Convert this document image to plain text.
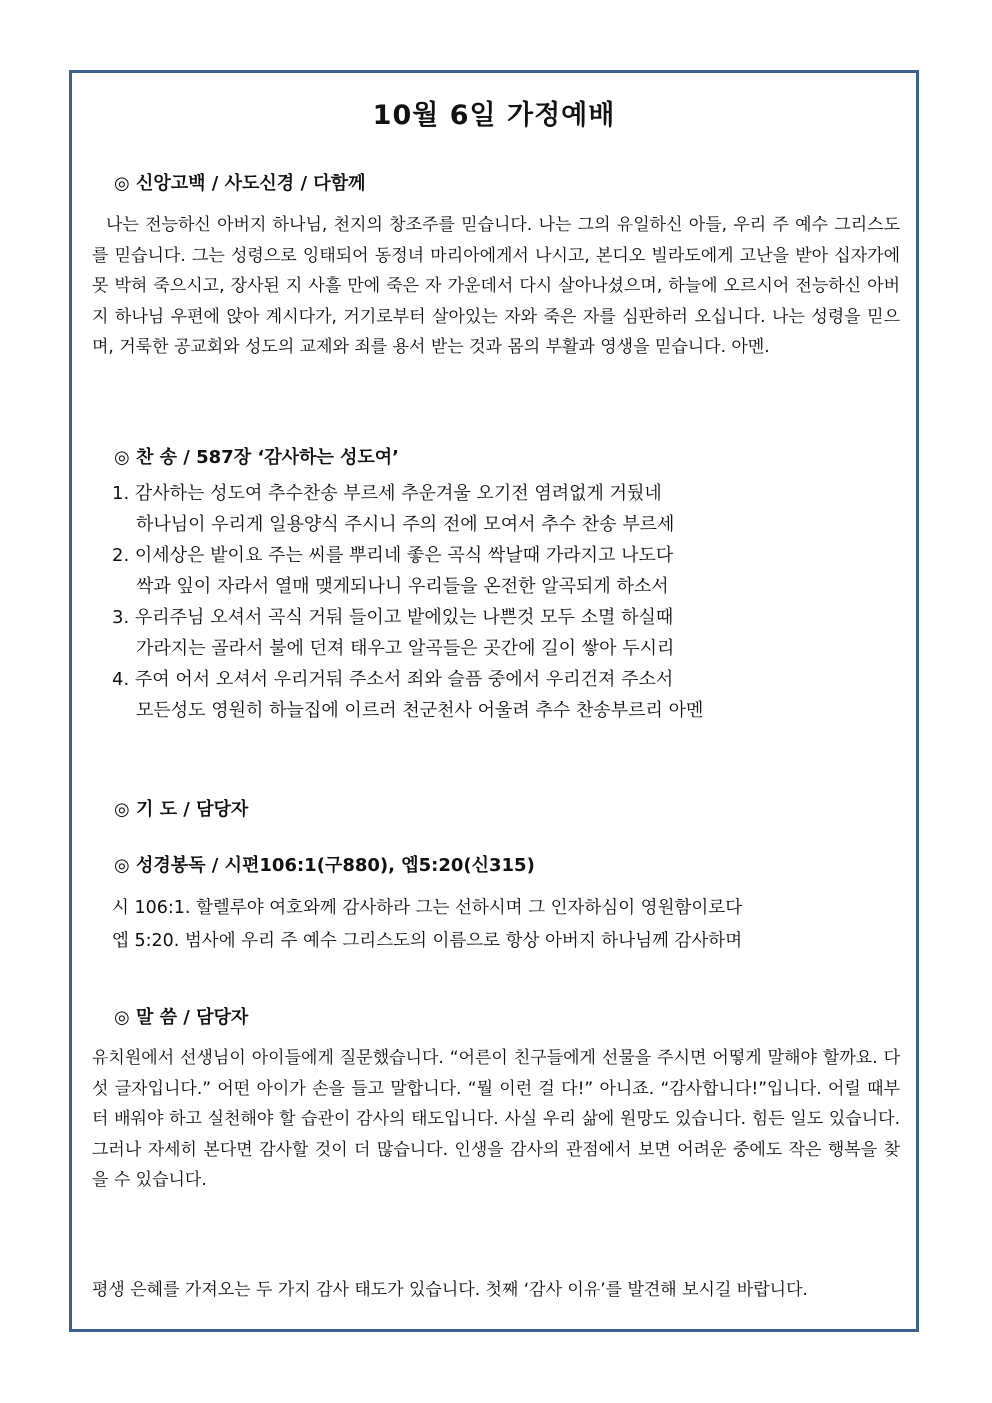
10월 6일 가정예배
◎ 신앙고백 / 사도신경 / 다함께

나는 전능하신 아버지 하나님, 천지의 창조주를 믿습니다. 나는 그의 유일하신 아들, 우리 주 예수 그리스도를 믿습니다. 그는 성령으로 잉태되어 동정녀 마리아에게서 나시고, 본디오 빌라도에게 고난을 받아 십자가에 못 박혀 죽으시고, 장사된 지 사흘 만에 죽은 자 가운데서 다시 살아나셨으며, 하늘에 오르시어 전능하신 아버지 하나님 우편에 앉아 계시다가, 거기로부터 살아있는 자와 죽은 자를 심판하러 오십니다. 나는 성령을 믿으며, 거룩한 공교회와 성도의 교제와 죄를 용서 받는 것과 몸의 부활과 영생을 믿습니다. 아멘.

◎ 찬 송 / 587장 ‘감사하는 성도여’
1. 감사하는 성도여 추수찬송 부르세 추운겨울 오기전 염려없게 거뒀네
하나님이 우리게 일용양식 주시니 주의 전에 모여서 추수 찬송 부르세
2. 이세상은 밭이요 주는 씨를 뿌리네 좋은 곡식 싹날때 가라지고 나도다
싹과 잎이 자라서 열매 맺게되나니 우리들을 온전한 알곡되게 하소서
3. 우리주님 오셔서 곡식 거둬 들이고 밭에있는 나쁜것 모두 소멸 하실때
가라지는 골라서 불에 던져 태우고 알곡들은 곳간에 길이 쌓아 두시리
4. 주여 어서 오셔서 우리거둬 주소서 죄와 슬픔 중에서 우리건져 주소서
모든성도 영원히 하늘집에 이르러 천군천사 어울려 추수 찬송부르리 아멘
◎ 기 도 / 담당자
◎ 성경봉독 / 시편106:1(구880), 엡5:20(신315)
시 106:1. 할렐루야 여호와께 감사하라 그는 선하시며 그 인자하심이 영원함이로다
엡 5:20. 범사에 우리 주 예수 그리스도의 이름으로 항상 아버지 하나님께 감사하며
◎ 말 씀 / 담당자

유치원에서 선생님이 아이들에게 질문했습니다. “어른이 친구들에게 선물을 주시면 어떻게 말해야 할까요. 다섯 글자입니다.” 어떤 아이가 손을 들고 말합니다. “뭘 이런 걸 다!” 아니죠. “감사합니다!”입니다. 어릴 때부터 배워야 하고 실천해야 할 습관이 감사의 태도입니다. 사실 우리 삶에 원망도 있습니다. 힘든 일도 있습니다. 그러나 자세히 본다면 감사할 것이 더 많습니다. 인생을 감사의 관점에서 보면 어려운 중에도 작은 행복을 찾을 수 있습니다.

평생 은혜를 가져오는 두 가지 감사 태도가 있습니다. 첫째 ‘감사 이유’를 발견해 보시길 바랍니다.
